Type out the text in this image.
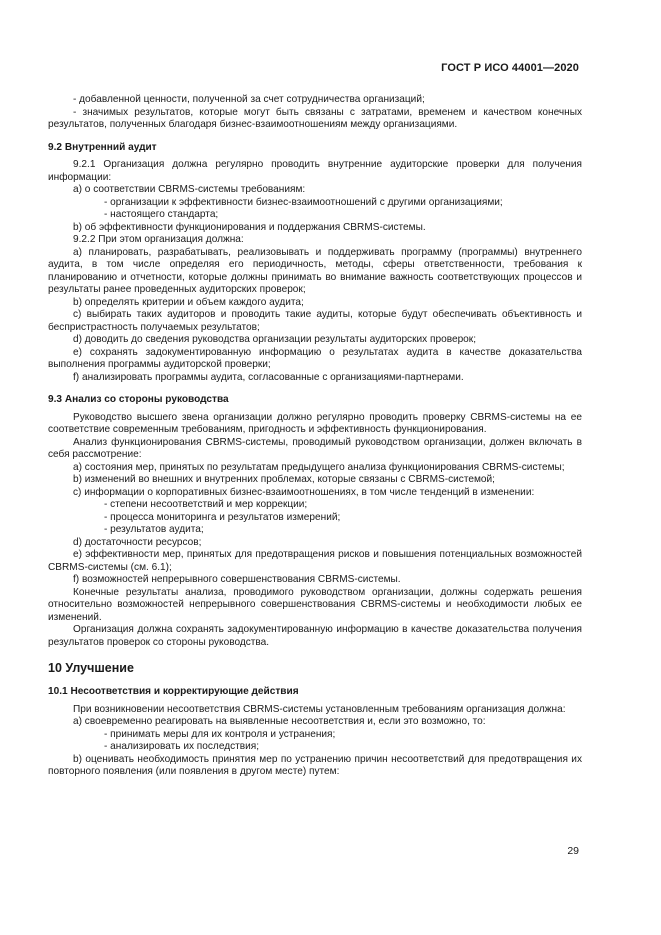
ГОСТ Р ИСО 44001—2020

- добавленной ценности, полученной за счет сотрудничества организаций;

- значимых результатов, которые могут быть связаны с затратами, временем и качеством конечных результатов, полученных благодаря бизнес-взаимоотношениям между организациями.

9.2 Внутренний аудит

9.2.1 Организация должна регулярно проводить внутренние аудиторские проверки для получения информации:

a) о соответствии CBRMS-системы требованиям:

- организации к эффективности бизнес-взаимоотношений с другими организациями;

- настоящего стандарта;

b) об эффективности функционирования и поддержания CBRMS-системы.

9.2.2 При этом организация должна:

a) планировать, разрабатывать, реализовывать и поддерживать программу (программы) внутреннего аудита, в том числе определяя его периодичность, методы, сферы ответственности, требования к планированию и отчетности, которые должны принимать во внимание важность соответствующих процессов и результаты ранее проведенных аудиторских проверок;

b) определять критерии и объем каждого аудита;

c) выбирать таких аудиторов и проводить такие аудиты, которые будут обеспечивать объективность и беспристрастность получаемых результатов;

d) доводить до сведения руководства организации результаты аудиторских проверок;

e) сохранять задокументированную информацию о результатах аудита в качестве доказательства выполнения программы аудиторской проверки;

f) анализировать программы аудита, согласованные с организациями-партнерами.

9.3 Анализ со стороны руководства

Руководство высшего звена организации должно регулярно проводить проверку CBRMS-системы на ее соответствие современным требованиям, пригодность и эффективность функционирования.

Анализ функционирования CBRMS-системы, проводимый руководством организации, должен включать в себя рассмотрение:

a) состояния мер, принятых по результатам предыдущего анализа функционирования CBRMS-системы;

b) изменений во внешних и внутренних проблемах, которые связаны с CBRMS-системой;

c) информации о корпоративных бизнес-взаимоотношениях, в том числе тенденций в изменении:

- степени несоответствий и мер коррекции;

- процесса мониторинга и результатов измерений;

- результатов аудита;

d) достаточности ресурсов;

e) эффективности мер, принятых для предотвращения рисков и повышения потенциальных возможностей CBRMS-системы (см. 6.1);

f) возможностей непрерывного совершенствования CBRMS-системы.

Конечные результаты анализа, проводимого руководством организации, должны содержать решения относительно возможностей непрерывного совершенствования CBRMS-системы и необходимости любых ее изменений.

Организация должна сохранять задокументированную информацию в качестве доказательства получения результатов проверок со стороны руководства.

10 Улучшение

10.1 Несоответствия и корректирующие действия

При возникновении несоответствия CBRMS-системы установленным требованиям организация должна:

a) своевременно реагировать на выявленные несоответствия и, если это возможно, то:

- принимать меры для их контроля и устранения;

- анализировать их последствия;

b) оценивать необходимость принятия мер по устранению причин несоответствий для предотвращения их повторного появления (или появления в другом месте) путем:

29
